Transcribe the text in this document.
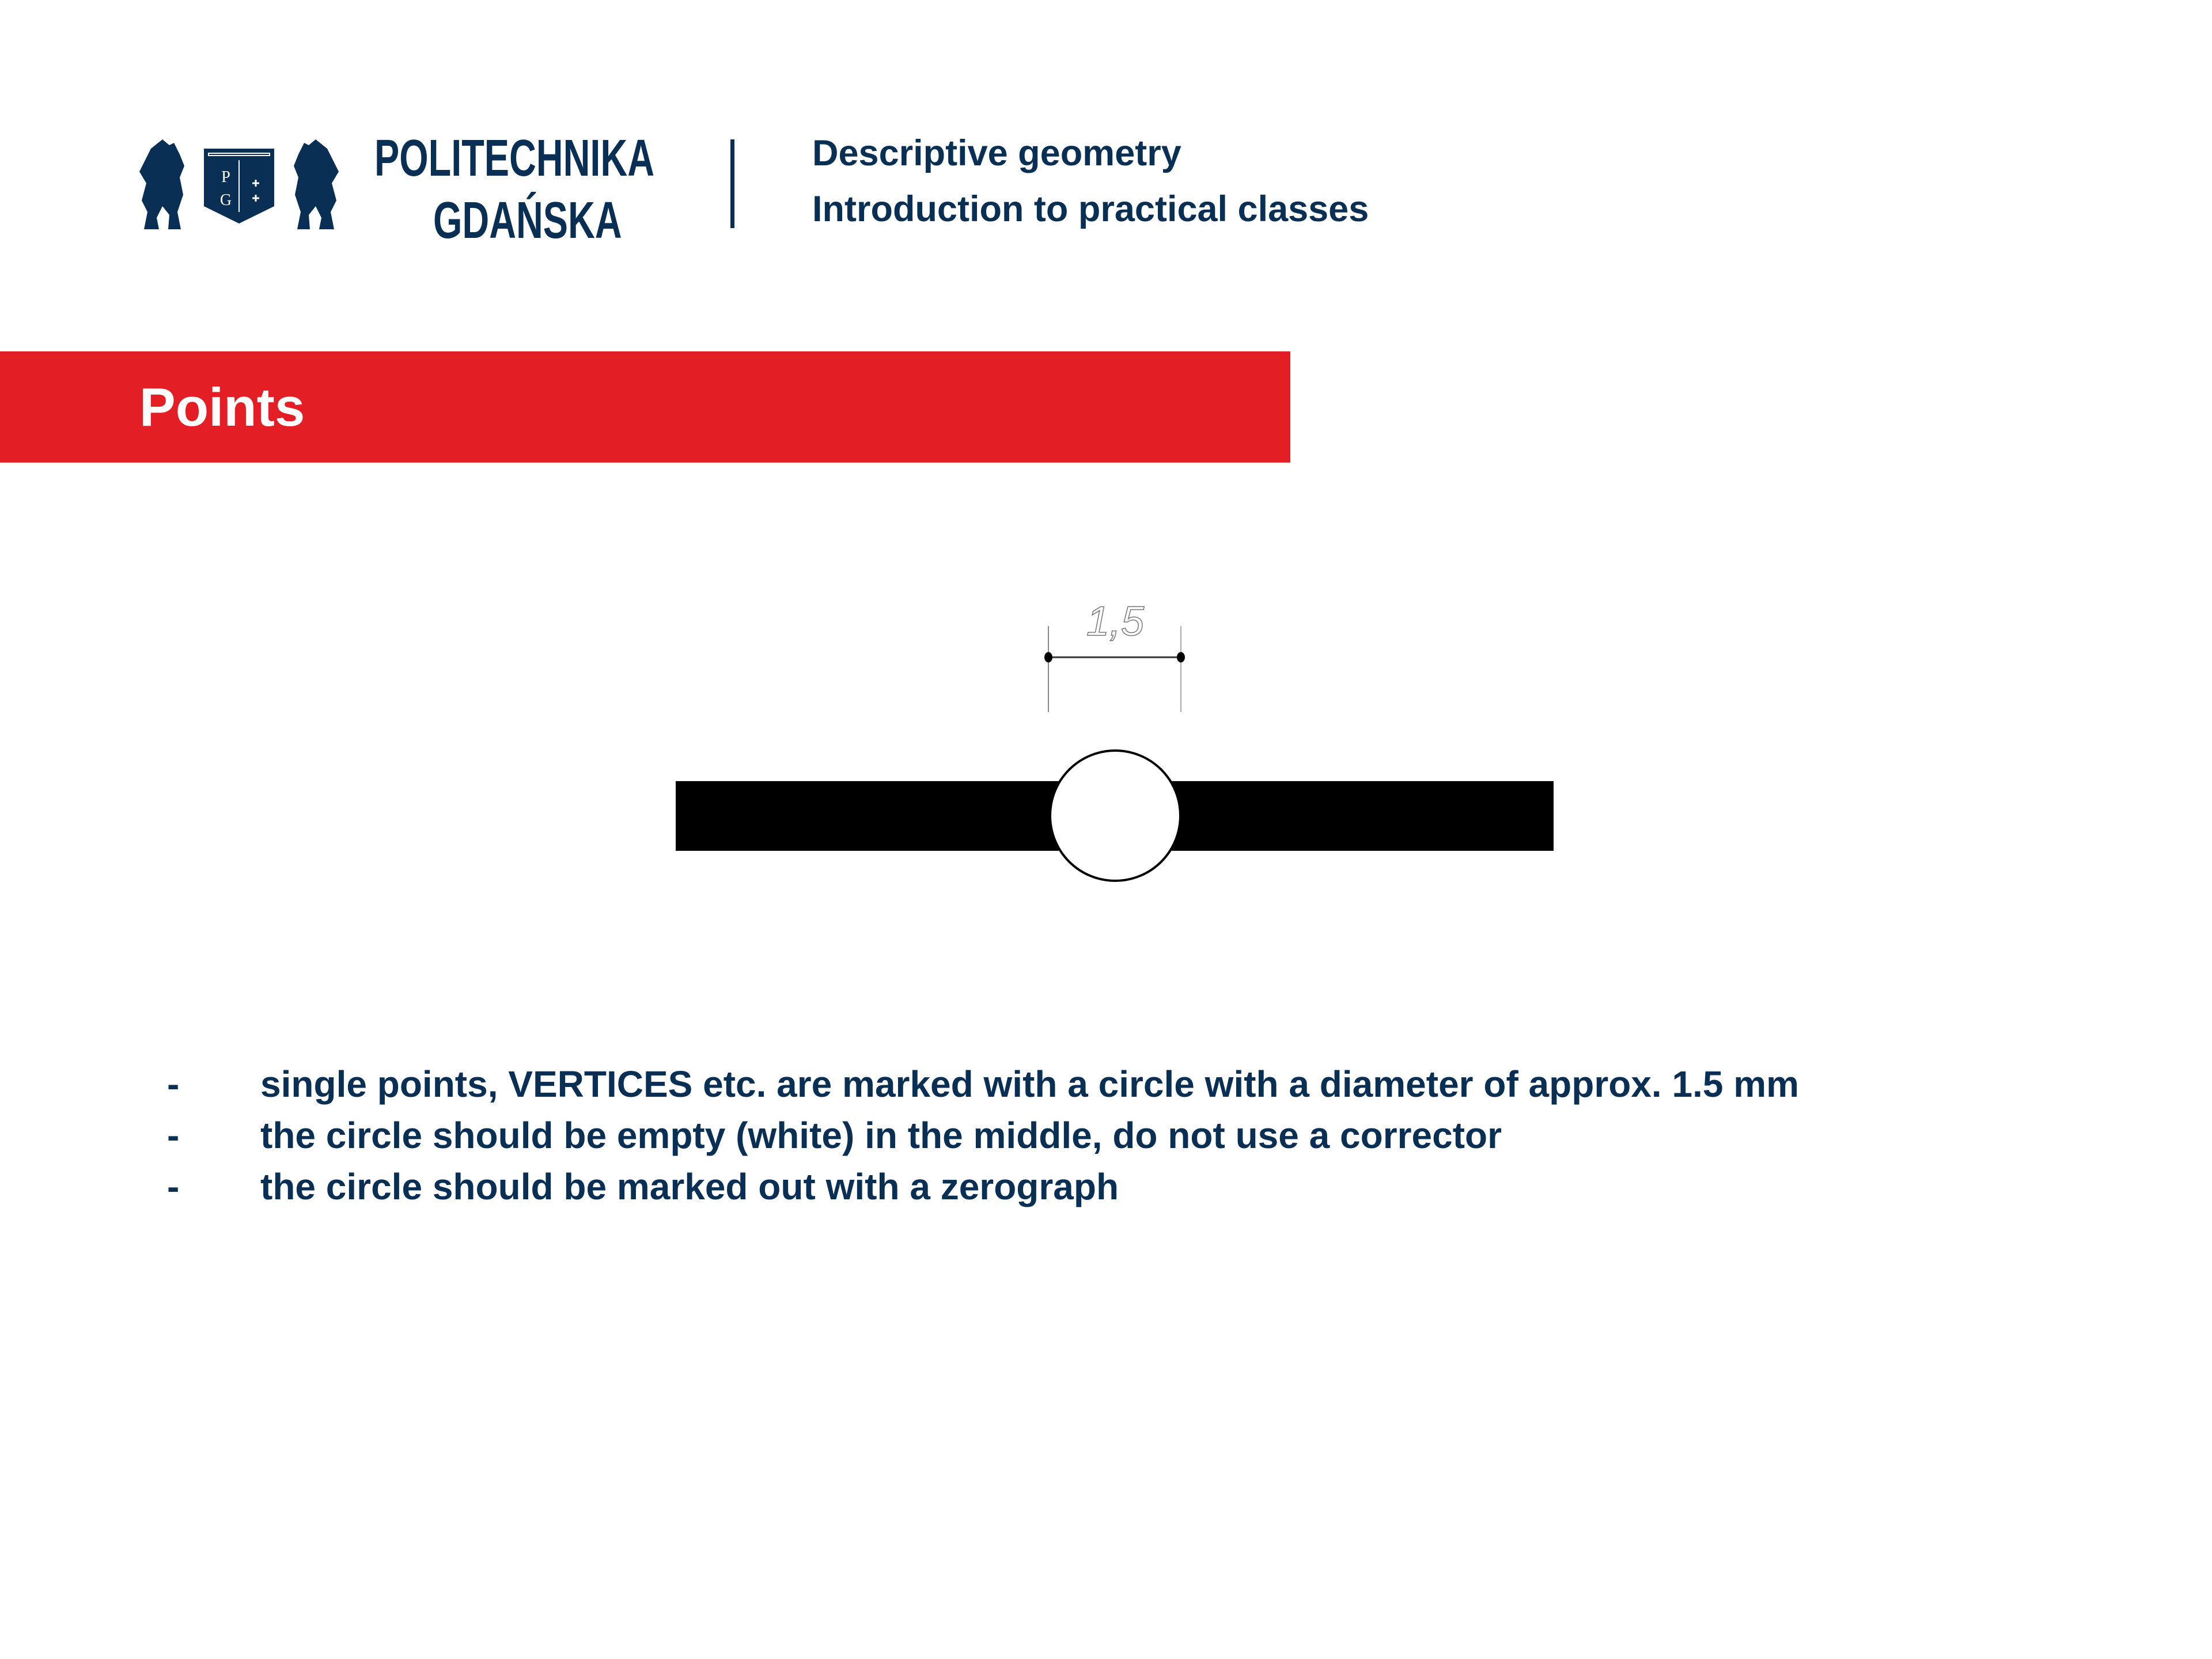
P
G
POLITECHNIKA
GDAŃSKA
Descriptive geometry
Introduction to practical classes
Points
1,5
- single points, VERTICES etc. are marked with a circle with a diameter of approx. 1.5 mm
- the circle should be empty (white) in the middle, do not use a corrector
- the circle should be marked out with a zerograph
